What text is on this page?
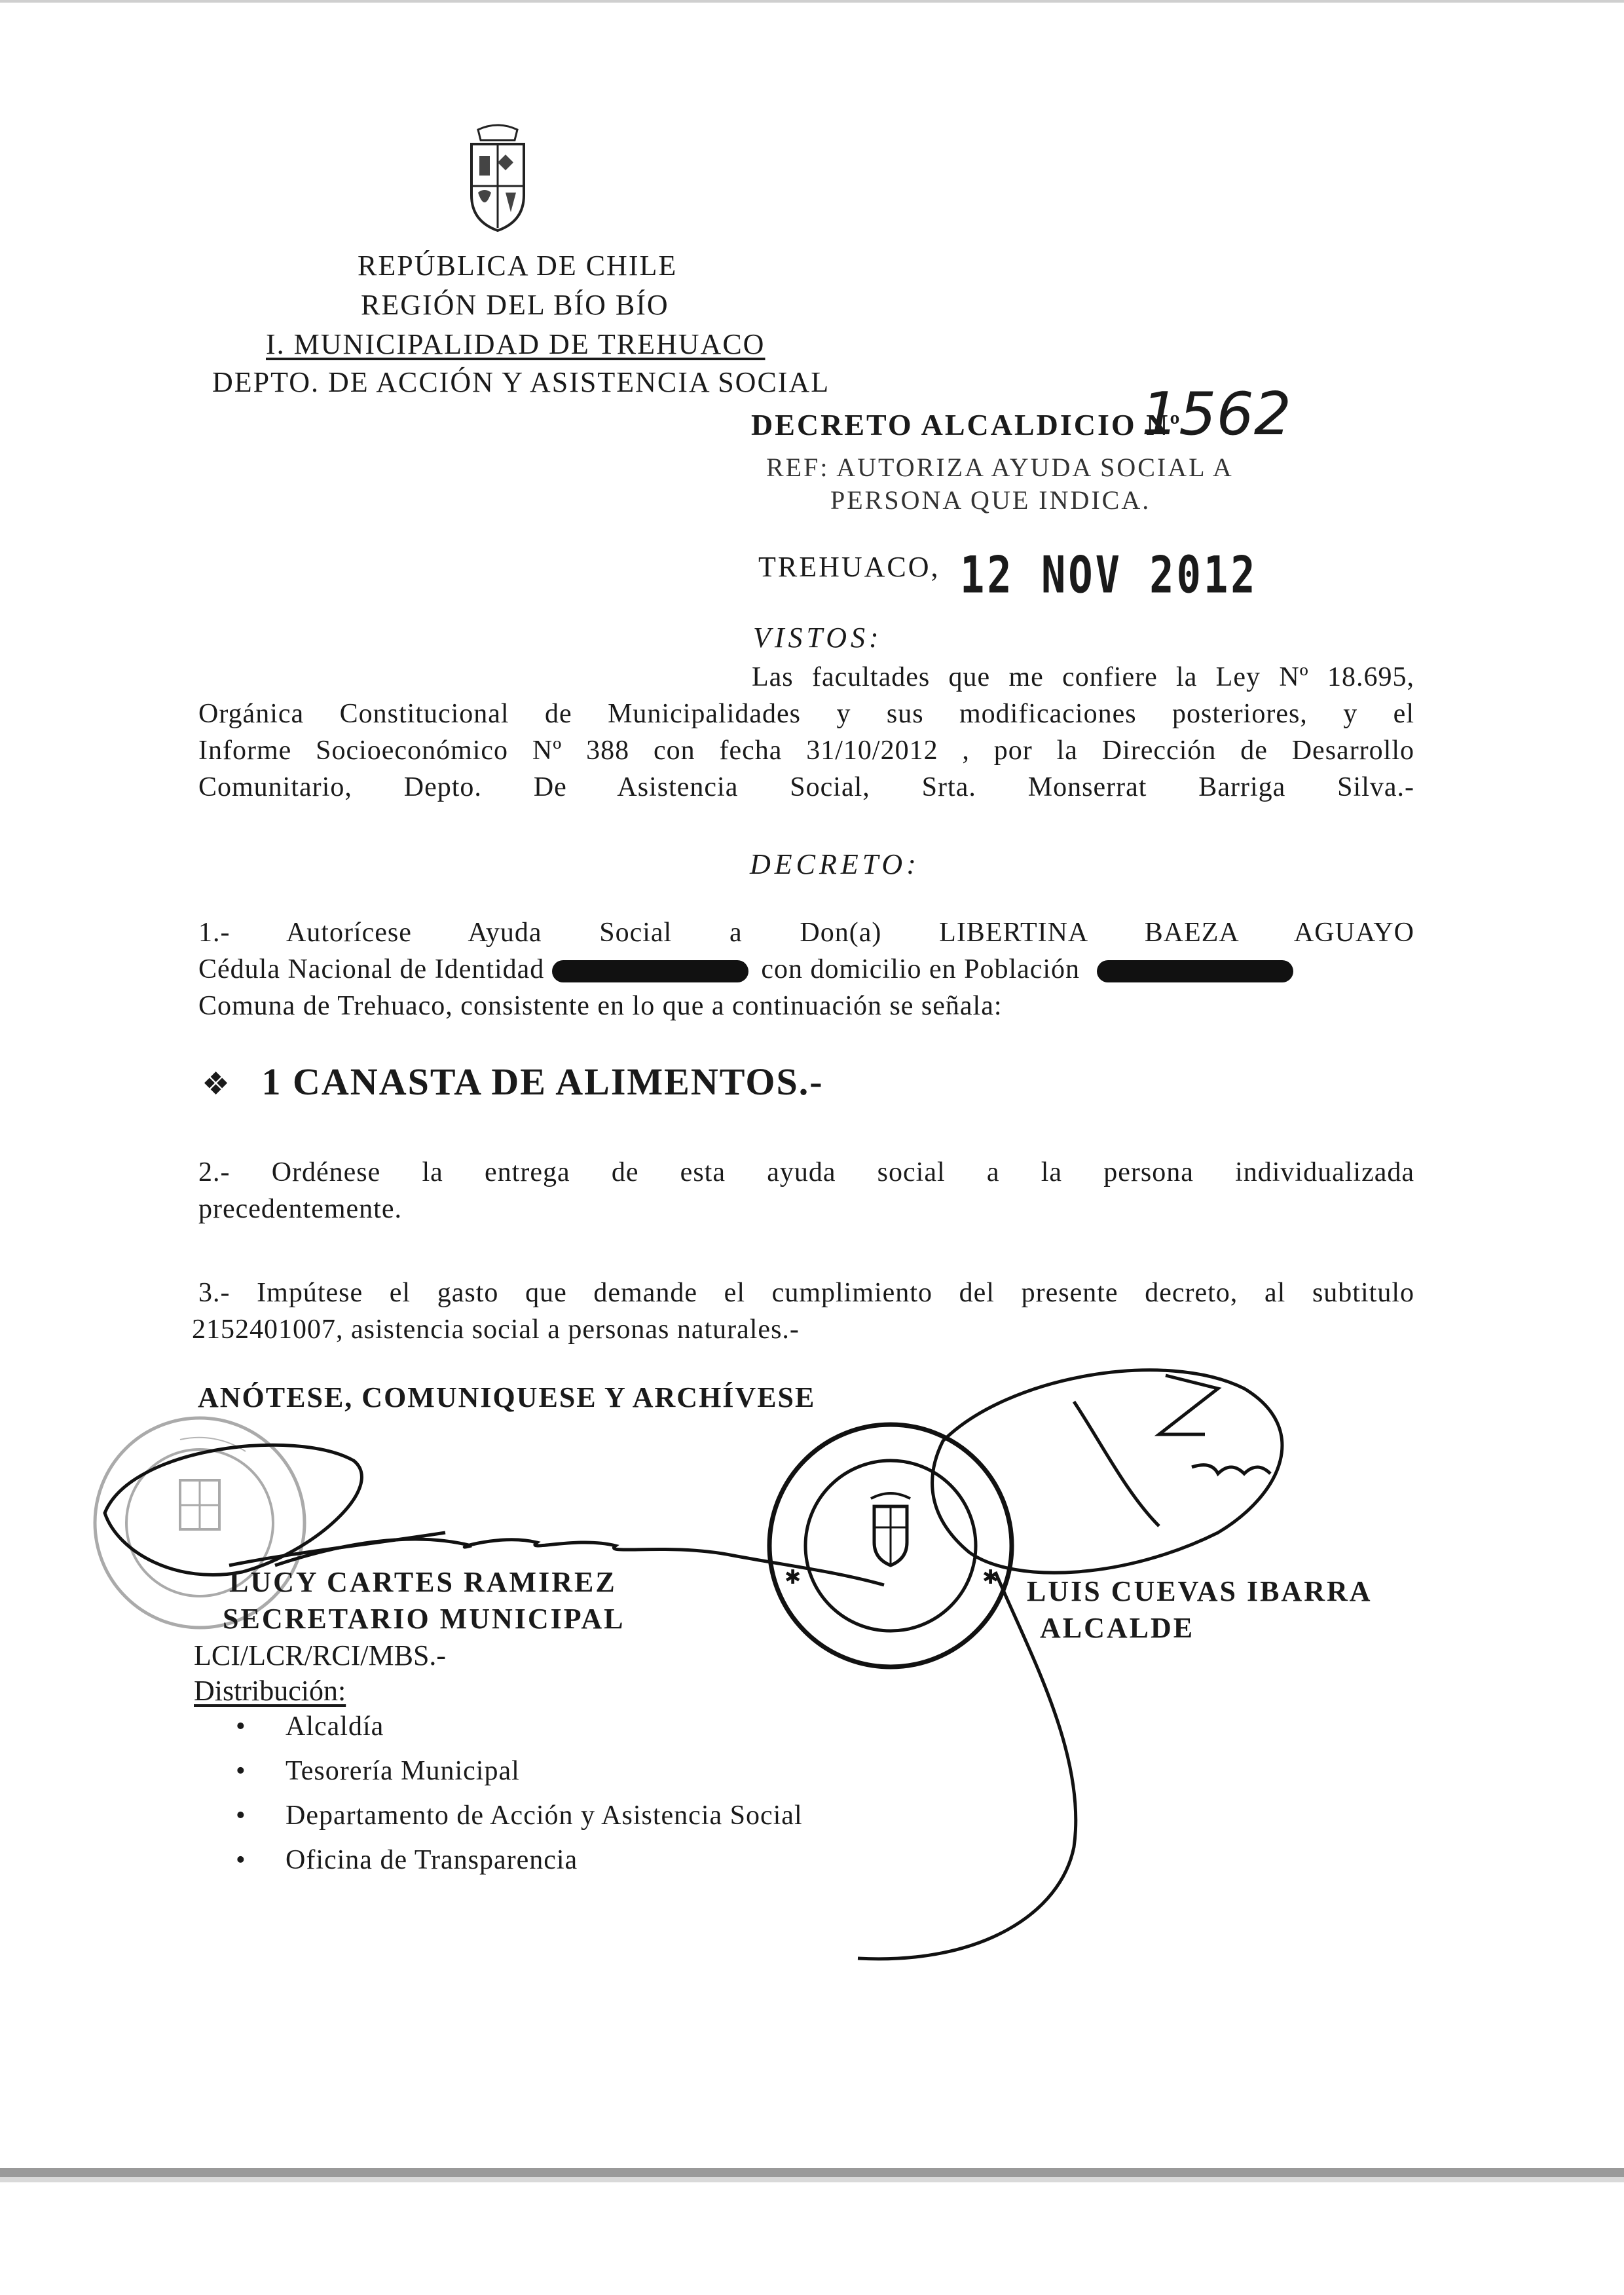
REPÚBLICA DE CHILE
REGIÓN DEL BÍO BÍO
I. MUNICIPALIDAD DE TREHUACO
DEPTO. DE ACCIÓN Y ASISTENCIA SOCIAL
DECRETO ALCALDICIO Nº
1562
REF: AUTORIZA AYUDA SOCIAL A
PERSONA QUE INDICA.
TREHUACO, 12 NOV 2012
VISTOS:
Las facultades que me confiere la Ley Nº 18.695,
Orgánica Constitucional de Municipalidades y sus modificaciones posteriores, y el
Informe Socioeconómico Nº 388 con fecha 31/10/2012 , por la Dirección de Desarrollo
Comunitario, Depto. De Asistencia Social, Srta. Monserrat Barriga Silva.-
DECRETO:
1.- Autorícese Ayuda Social a Don(a) LIBERTINA BAEZA AGUAYO
Cédula Nacional de Identidad	con domicilio en Población
Comuna de Trehuaco, consistente en lo que a continuación se señala:
❖ 1 CANASTA DE ALIMENTOS.-
2.- Ordénese la entrega de esta ayuda social a la persona individualizada
precedentemente.
3.- Impútese el gasto que demande el cumplimiento del presente decreto, al subtitulo
2152401007, asistencia social a personas naturales.-
ANÓTESE, COMUNIQUESE Y ARCHÍVESE
✱	✱
LUCY CARTES RAMIREZ
SECRETARIO MUNICIPAL
LUIS CUEVAS IBARRA
ALCALDE
LCI/LCR/RCI/MBS.-
Distribución:
• Alcaldía
• Tesorería Municipal
• Departamento de Acción y Asistencia Social
• Oficina de Transparencia
